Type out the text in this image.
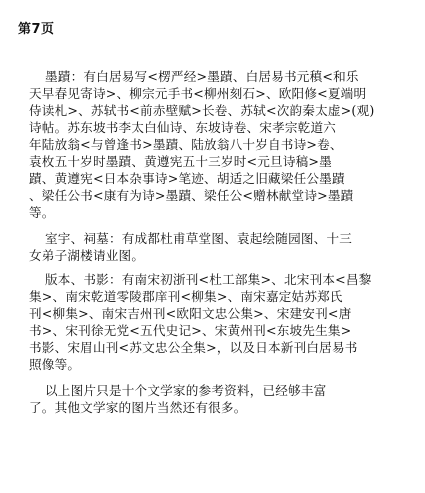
第7页
墨蹟：有白居易写<楞严经>墨蹟、白居易书元稹<和乐
天早春见寄诗>、柳宗元手书<柳州刻石>、欧阳修<夏端明
侍读札>、苏轼书<前赤壁赋>长卷、苏轼<次韵秦太虚>(观)
诗帖。苏东坡书李太白仙诗、东坡诗卷、宋孝宗乾道六
年陆放翁<与曾逢书>墨蹟、陆放翁八十岁自书诗>卷、
袁枚五十岁时墨蹟、黄遵宪五十三岁时<元旦诗稿>墨
蹟、黄遵宪<日本杂事诗>笔迹、胡适之旧藏梁任公墨蹟
、梁任公书<康有为诗>墨蹟、梁任公<赠林献堂诗>墨蹟
等。
室宇、祠墓：有成都杜甫草堂图、袁起绘随园图、十三
女弟子湖楼请业图。
版本、书影：有南宋初浙刊<杜工部集>、北宋刊本<昌黎
集>、南宋乾道零陵郡庠刊<柳集>、南宋嘉定姑苏郑氏
刊<柳集>、南宋吉州刊<欧阳文忠公集>、宋建安刊<唐
书>、宋刊徐无党<五代史记>、宋黄州刊<东坡先生集>
书影、宋眉山刊<苏文忠公全集>，以及日本新刊白居易书
照像等。
以上图片只是十个文学家的参考资料，已经够丰富
了。其他文学家的图片当然还有很多。
